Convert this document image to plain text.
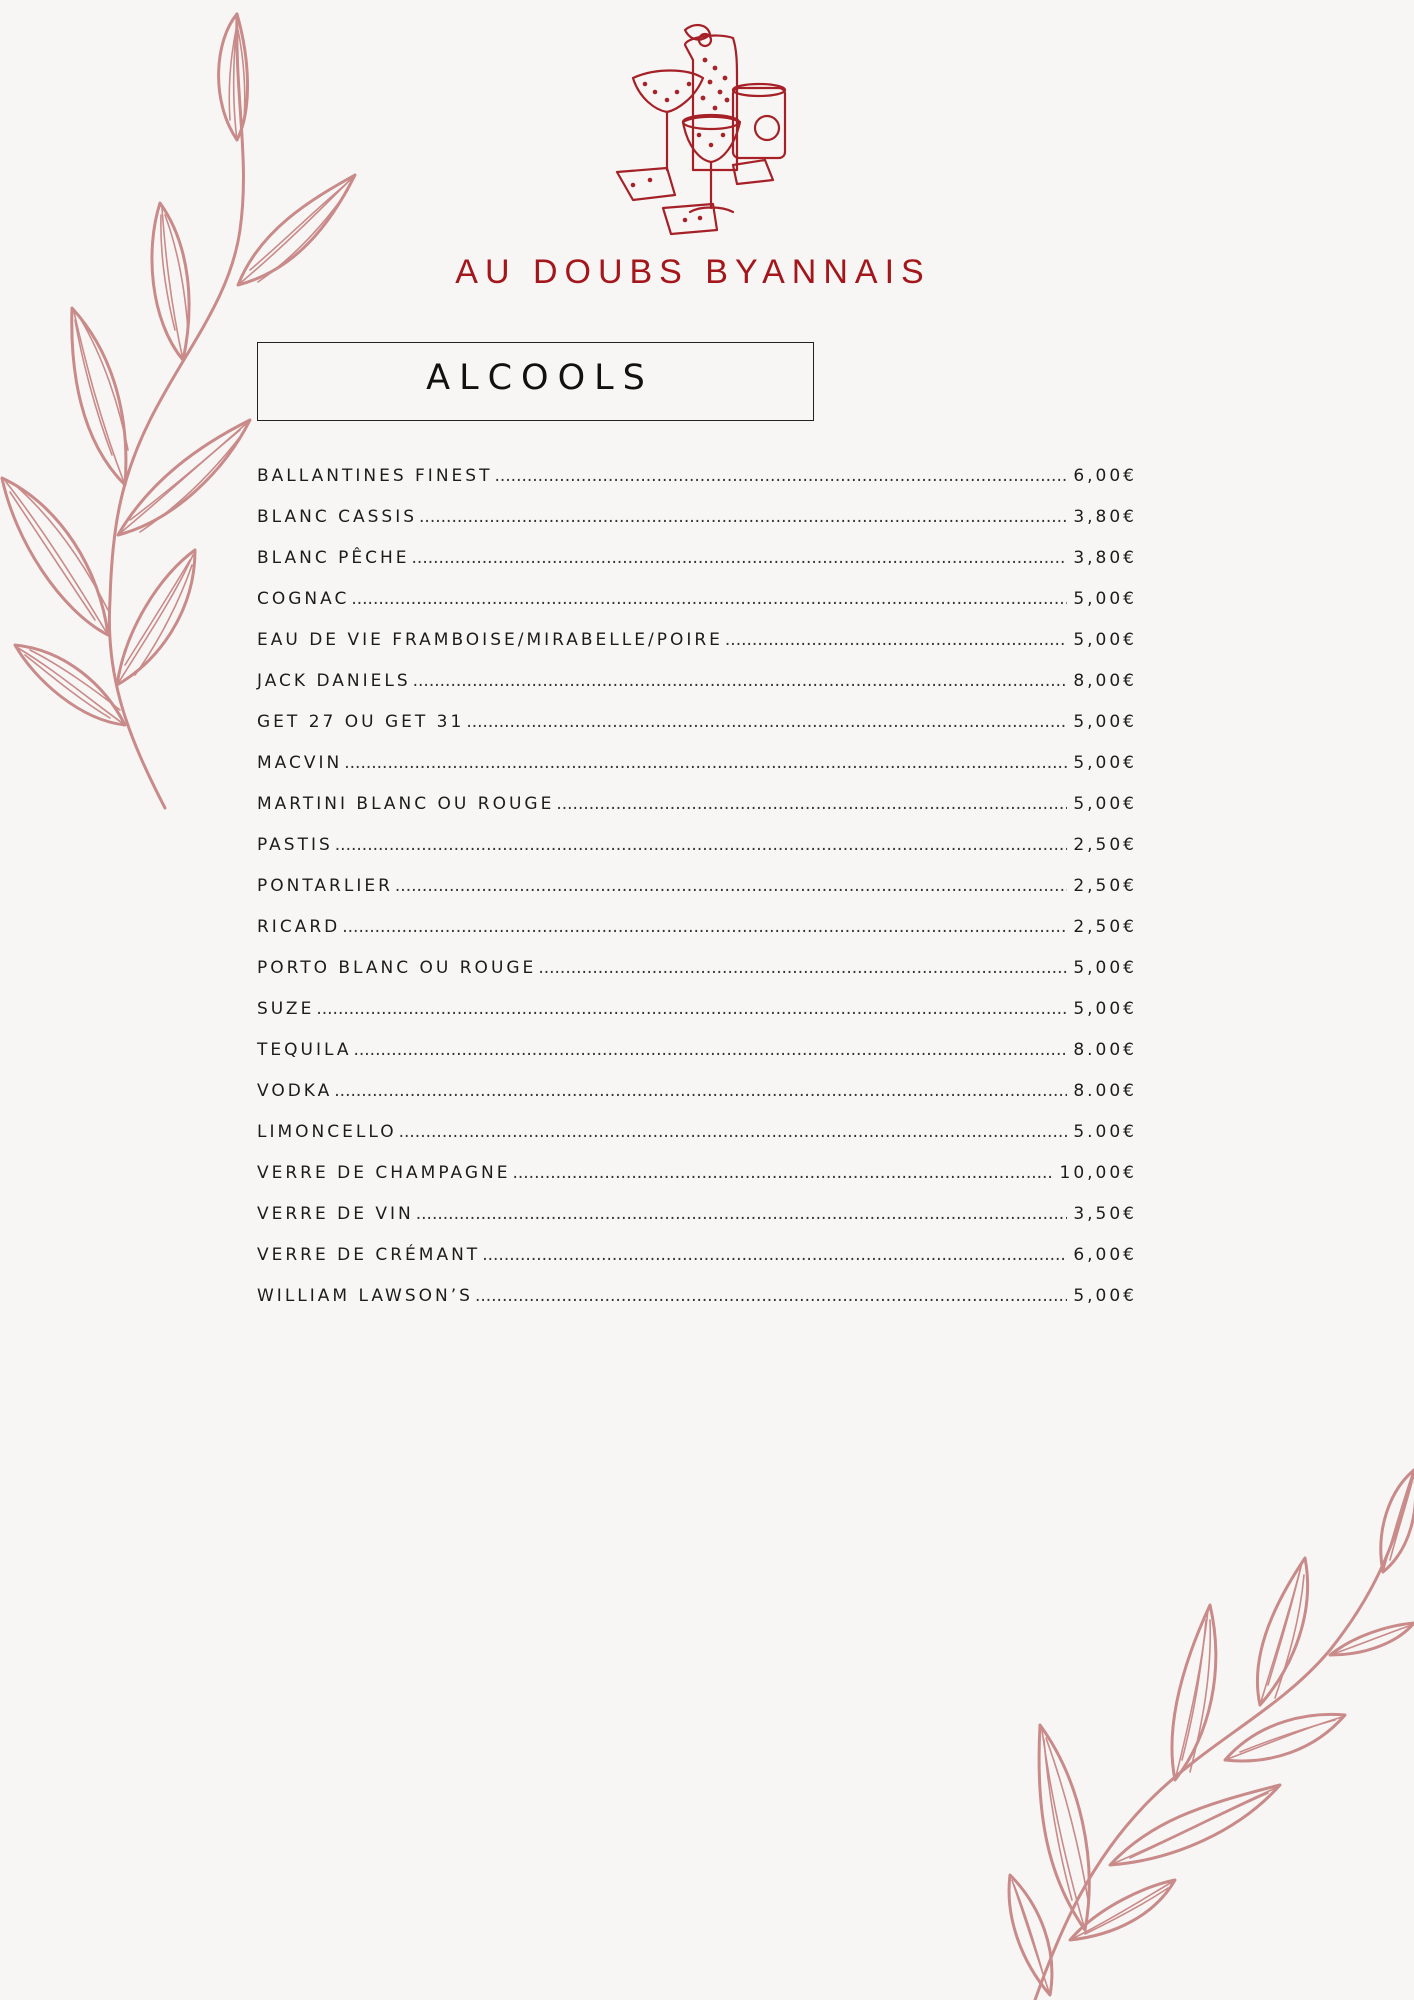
AU DOUBS BYANNAIS
ALCOOLS
BALLANTINES FINEST .....	6,00€
BLANC CASSIS .....	3,80€
BLANC PÊCHE .....	3,80€
COGNAC .....	5,00€
EAU DE VIE FRAMBOISE/MIRABELLE/POIRE .....	5,00€
JACK DANIELS .....	8,00€
GET 27 OU GET 31 .....	5,00€
MACVIN .....	5,00€
MARTINI BLANC OU ROUGE .....	5,00€
PASTIS .....	2,50€
PONTARLIER .....	2,50€
RICARD .....	2,50€
PORTO BLANC OU ROUGE .....	5,00€
SUZE .....	5,00€
TEQUILA .....	8.00€
VODKA .....	8.00€
LIMONCELLO .....	5.00€
VERRE DE CHAMPAGNE .....	10,00€
VERRE DE VIN .....	3,50€
VERRE DE CRÉMANT .....	6,00€
WILLIAM LAWSON’S .....	5,00€
